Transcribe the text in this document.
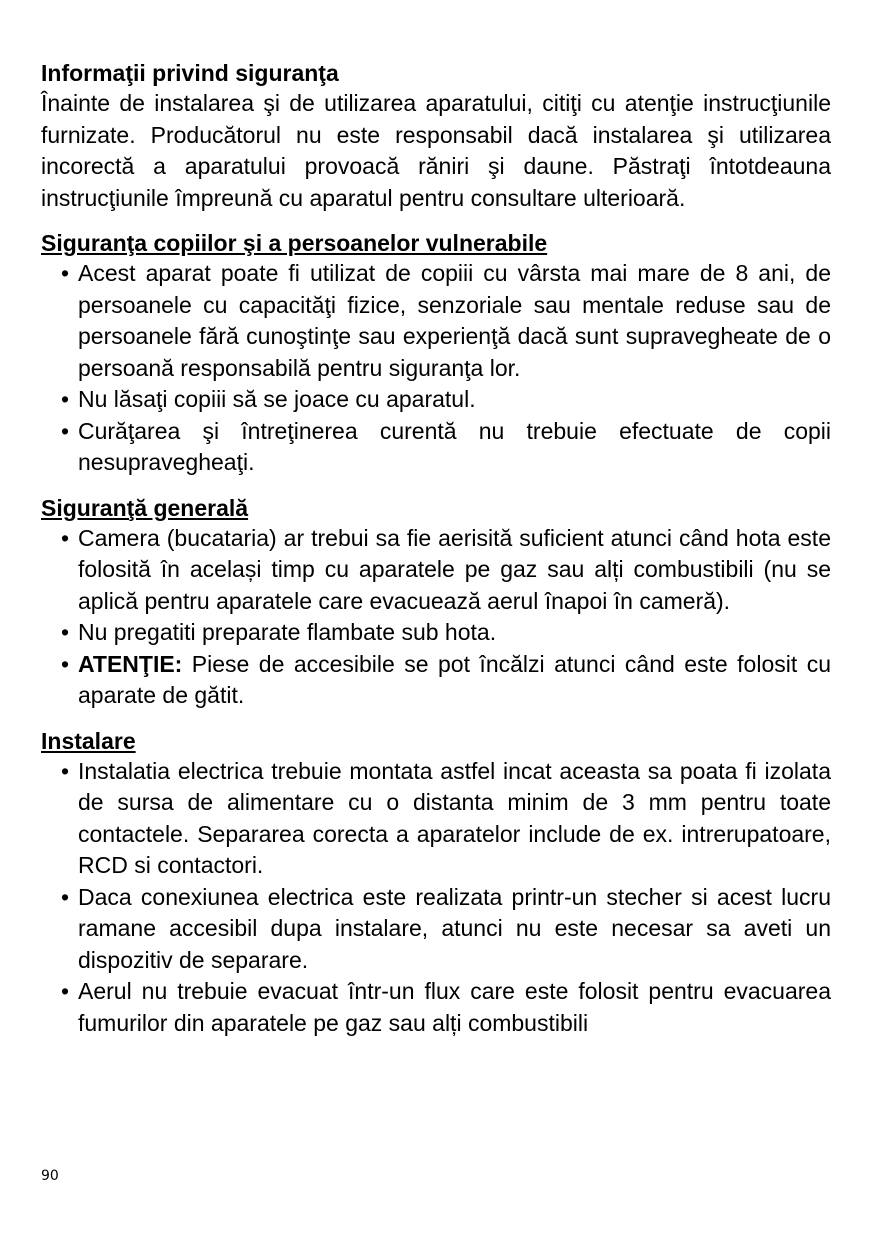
Informaţii privind siguranţa
Înainte de instalarea şi de utilizarea aparatului, citiţi cu atenţie instrucţiunile furnizate. Producătorul nu este responsabil dacă instalarea şi utilizarea incorectă a aparatului provoacă răniri şi daune. Păstraţi întotdeauna instrucţiunile împreună cu aparatul pentru consultare ulterioară.
Siguranţa copiilor şi a persoanelor vulnerabile
• Acest aparat poate fi utilizat de copiii cu vârsta mai mare de 8 ani, de persoanele cu capacităţi fizice, senzoriale sau mentale reduse sau de persoanele fără cunoştinţe sau experienţă dacă sunt supravegheate de o persoană responsabilă pentru siguranţa lor.
• Nu lăsaţi copiii să se joace cu aparatul.
• Curăţarea şi întreţinerea curentă nu trebuie efectuate de copii nesupravegheaţi.
Siguranţă generală
• Camera (bucataria) ar trebui sa fie aerisită suficient atunci când hota este folosită în același timp cu aparatele pe gaz sau alți combustibili (nu se aplică pentru aparatele care evacuează aerul înapoi în cameră).
• Nu pregatiti preparate flambate sub hota.
• ATENŢIE: Piese de accesibile se pot încălzi atunci când este folosit cu aparate de gătit.
Instalare
• Instalatia electrica trebuie montata astfel incat aceasta sa poata fi izolata de sursa de alimentare cu o distanta minim de 3 mm pentru toate contactele. Separarea corecta a aparatelor include de ex. intrerupatoare, RCD si contactori.
• Daca conexiunea electrica este realizata printr-un stecher si acest lucru ramane accesibil dupa instalare, atunci nu este necesar sa aveti un dispozitiv de separare.
• Aerul nu trebuie evacuat într-un flux care este folosit pentru evacuarea fumurilor din aparatele pe gaz sau alți combustibili
90
